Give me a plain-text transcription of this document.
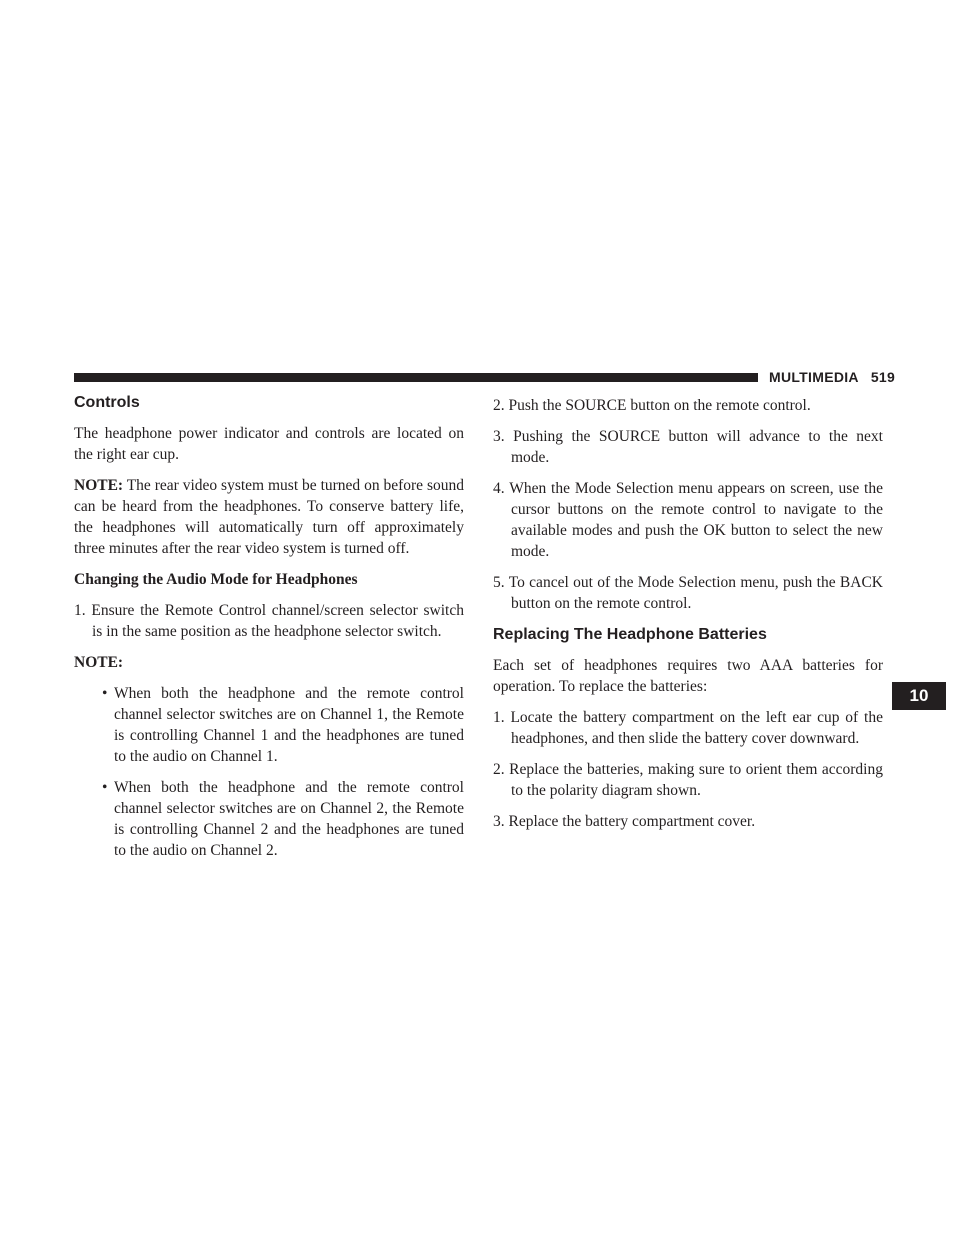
MULTIMEDIA 519
10
Controls

The headphone power indicator and controls are located on the right ear cup.

NOTE: The rear video system must be turned on before sound can be heard from the headphones. To conserve battery life, the headphones will automatically turn off approximately three minutes after the rear video system is turned off.

Changing the Audio Mode for Headphones
1. Ensure the Remote Control channel/screen selector switch is in the same position as the headphone selector switch.
NOTE:
• When both the headphone and the remote control channel selector switches are on Channel 1, the Remote is controlling Channel 1 and the headphones are tuned to the audio on Channel 1.
• When both the headphone and the remote control channel selector switches are on Channel 2, the Remote is controlling Channel 2 and the headphones are tuned to the audio on Channel 2.
2. Push the SOURCE button on the remote control.
3. Pushing the SOURCE button will advance to the next mode.
4. When the Mode Selection menu appears on screen, use the cursor buttons on the remote control to navigate to the available modes and push the OK button to select the new mode.
5. To cancel out of the Mode Selection menu, push the BACK button on the remote control.
Replacing The Headphone Batteries

Each set of headphones requires two AAA batteries for operation. To replace the batteries:

1. Locate the battery compartment on the left ear cup of the headphones, and then slide the battery cover downward.
2. Replace the batteries, making sure to orient them according to the polarity diagram shown.
3. Replace the battery compartment cover.
